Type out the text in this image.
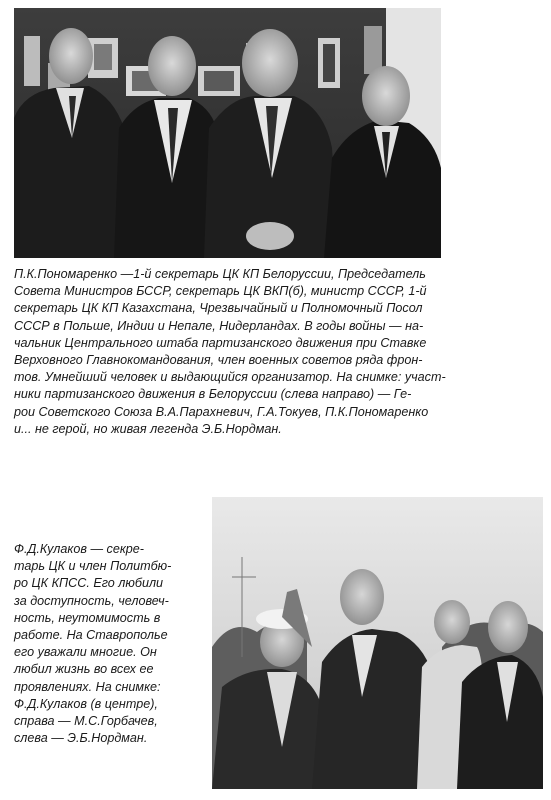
П.К.Пономаренко —1-й секретарь ЦК КП Белоруссии, Председатель
Совета Министров БССР, секретарь ЦК ВКП(б), министр СССР, 1-й
секретарь ЦК КП Казахстана, Чрезвычайный и Полномочный Посол
СССР в Польше, Индии и Непале, Нидерландах. В годы войны — на-
чальник Центрального штаба партизанского движения при Ставке
Верховного Главнокомандования, член военных советов ряда фрон-
тов. Умнейший человек и выдающийся организатор. На снимке: участ-
ники партизанского движения в Белоруссии (слева направо) — Ге-
рои Советского Союза В.А.Парахневич, Г.А.Токуев, П.К.Пономаренко
и... не герой, но живая легенда Э.Б.Нордман.

Ф.Д.Кулаков — секре-
тарь ЦК и член Политбю-
ро ЦК КПСС. Его любили
за доступность, человеч-
ность, неутомимость в
работе. На Ставрополье
его уважали многие. Он
любил жизнь во всех ее
проявлениях. На снимке:
Ф.Д.Кулаков (в центре),
справа — М.С.Горбачев,
слева — Э.Б.Нордман.
